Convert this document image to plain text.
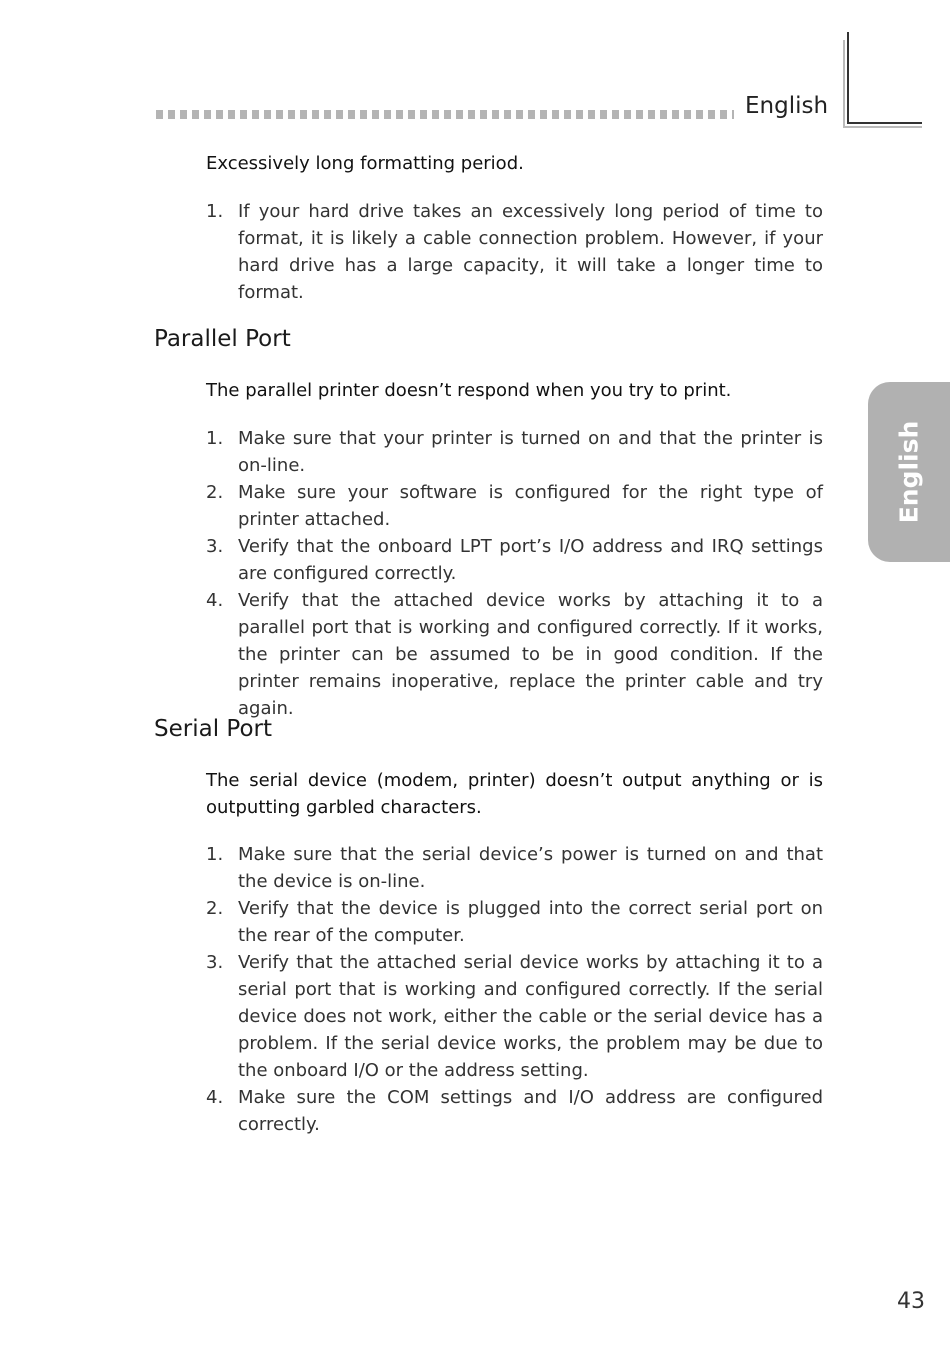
English
English

Excessively long formatting period.

1. If your hard drive takes an excessively long period of time to format, it is likely a cable connection problem. However, if your hard drive has a large capacity, it will take a longer time to format.
Parallel Port

The parallel printer doesn’t respond when you try to print.

1. Make sure that your printer is turned on and that the printer is on-line.
2. Make sure your software is configured for the right type of printer attached.
3. Verify that the onboard LPT port’s I/O address and IRQ settings are configured correctly.
4. Verify that the attached device works by attaching it to a parallel port that is working and configured correctly. If it works, the printer can be assumed to be in good condition. If the printer remains inoperative, replace the printer cable and try again.
Serial Port

The serial device (modem, printer) doesn’t output anything or is outputting garbled characters.

1. Make sure that the serial device’s power is turned on and that the device is on-line.
2. Verify that the device is plugged into the correct serial port on the rear of the computer.
3. Verify that the attached serial device works by attaching it to a serial port that is working and configured correctly. If the serial device does not work, either the cable or the serial device has a problem. If the serial device works, the problem may be due to the onboard I/O or the address setting.
4. Make sure the COM settings and I/O address are configured correctly.
43
